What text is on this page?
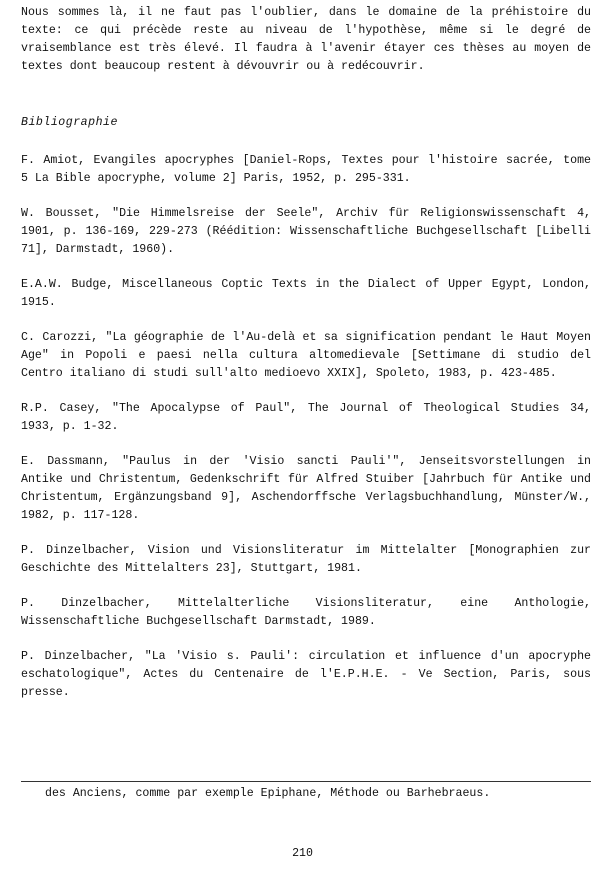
Nous sommes là, il ne faut pas l'oublier, dans le domaine de la préhistoire du texte: ce qui précède reste au niveau de l'hypothèse, même si le degré de vraisemblance est très élevé. Il faudra à l'avenir étayer ces thèses au moyen de textes dont beaucoup restent à dévouvrir ou à redécouvrir.

Bibliographie

F. Amiot, Evangiles apocryphes [Daniel-Rops, Textes pour l'histoire sacrée, tome 5 La Bible apocryphe, volume 2] Paris, 1952, p. 295-331.

W. Bousset, "Die Himmelsreise der Seele", Archiv für Religionswissenschaft 4, 1901, p. 136-169, 229-273 (Réédition: Wissenschaftliche Buchgesellschaft [Libelli 71], Darmstadt, 1960).

E.A.W. Budge, Miscellaneous Coptic Texts in the Dialect of Upper Egypt, London, 1915.

C. Carozzi, "La géographie de l'Au-delà et sa signification pendant le Haut Moyen Age" in Popoli e paesi nella cultura altomedievale [Settimane di studio del Centro italiano di studi sull'alto medioevo XXIX], Spoleto, 1983, p. 423-485.

R.P. Casey, "The Apocalypse of Paul", The Journal of Theological Studies 34, 1933, p. 1-32.

E. Dassmann, "Paulus in der 'Visio sancti Pauli'", Jenseitsvorstellungen in Antike und Christentum, Gedenkschrift für Alfred Stuiber [Jahrbuch für Antike und Christentum, Ergänzungsband 9], Aschendorffsche Verlagsbuchhandlung, Münster/W., 1982, p. 117-128.

P. Dinzelbacher, Vision und Visionsliteratur im Mittelalter [Monographien zur Geschichte des Mittelalters 23], Stuttgart, 1981.

P. Dinzelbacher, Mittelalterliche Visionsliteratur, eine Anthologie, Wissenschaftliche Buchgesellschaft Darmstadt, 1989.

P. Dinzelbacher, "La 'Visio s. Pauli': circulation et influence d'un apocryphe eschatologique", Actes du Centenaire de l'E.P.H.E. - Ve Section, Paris, sous presse.

des Anciens, comme par exemple Epiphane, Méthode ou Barhebraeus.

210
